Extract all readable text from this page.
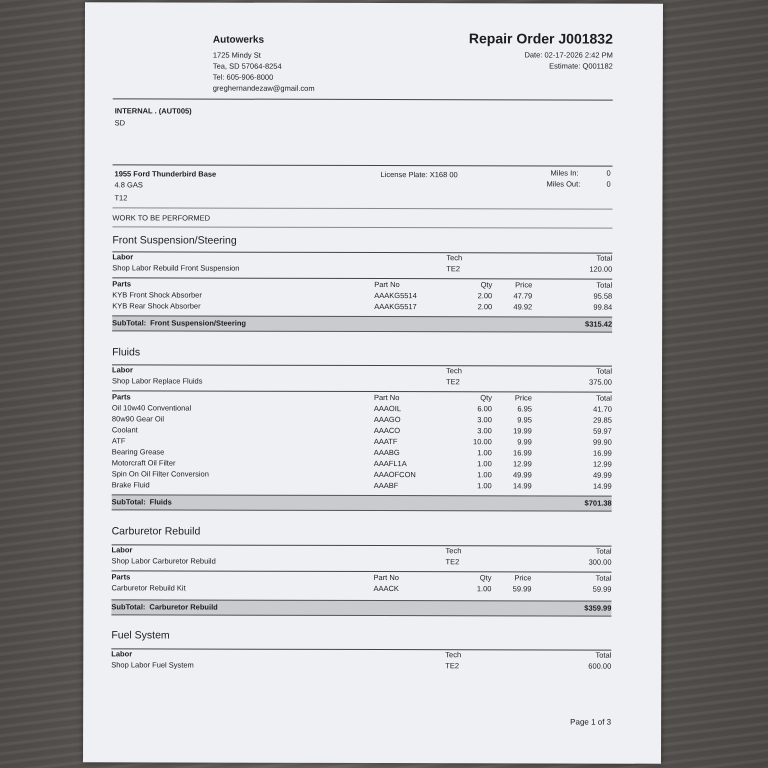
Autowerks
1725 Mindy St
Tea, SD 57064-8254
Tel: 605-906-8000
greghernandezaw@gmail.com
Repair Order J001832
Date: 02-17-2026 2:42 PM
Estimate: Q001182
INTERNAL . (AUT005)
SD
1955 Ford Thunderbird Base
4.8 GAS
T12
License Plate: X168 00	Miles In:	0
Miles Out:	0
WORK TO BE PERFORMED
Front Suspension/Steering
Labor	Tech	Total
Shop Labor Rebuild Front Suspension	TE2	120.00
Parts	Part No	Qty	Price	Total
KYB Front Shock Absorber	AAAKG5514	2.00	47.79	95.58
KYB Rear Shock Absorber	AAAKG5517	2.00	49.92	99.84
SubTotal: Front Suspension/Steering	$315.42
Fluids
Labor	Tech	Total
Shop Labor Replace Fluids	TE2	375.00
Parts	Part No	Qty	Price	Total
Oil 10w40 Conventional	AAAOIL	6.00	6.95	41.70
80w90 Gear Oil	AAAGO	3.00	9.95	29.85
Coolant	AAACO	3.00	19.99	59.97
ATF	AAATF	10.00	9.99	99.90
Bearing Grease	AAABG	1.00	16.99	16.99
Motorcraft Oil Filter	AAAFL1A	1.00	12.99	12.99
Spin On Oil Filter Conversion	AAAOFCON	1.00	49.99	49.99
Brake Fluid	AAABF	1.00	14.99	14.99
SubTotal: Fluids	$701.38
Carburetor Rebuild
Labor	Tech	Total
Shop Labor Carburetor Rebuild	TE2	300.00
Parts	Part No	Qty	Price	Total
Carburetor Rebuild Kit	AAACK	1.00	59.99	59.99
SubTotal: Carburetor Rebuild	$359.99
Fuel System
Labor	Tech	Total
Shop Labor Fuel System	TE2	600.00
Page 1 of 3
